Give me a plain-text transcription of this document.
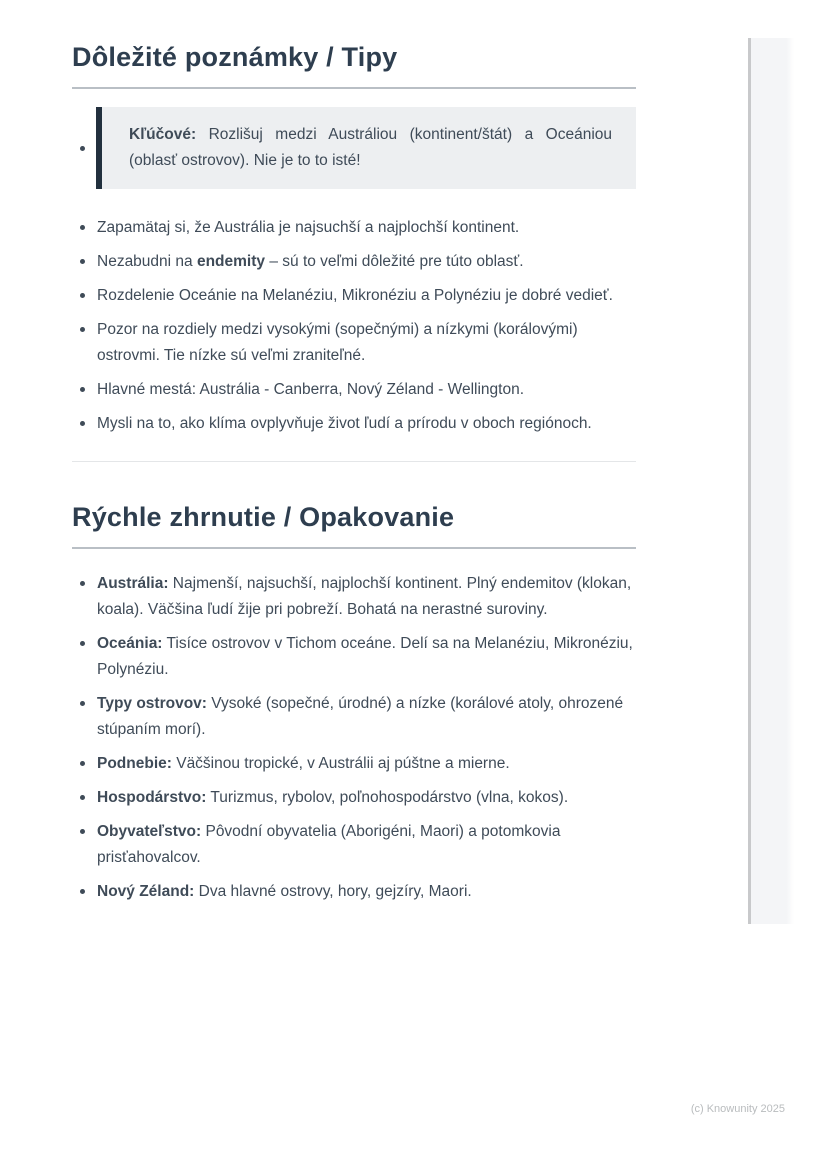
Dôležité poznámky / Tipy
Kľúčové: Rozlišuj medzi Austráliou (kontinent/štát) a Oceániou (oblasť ostrovov). Nie je to to isté!
Zapamätaj si, že Austrália je najsuchší a najplochší kontinent.
Nezabudni na endemity – sú to veľmi dôležité pre túto oblasť.
Rozdelenie Oceánie na Melanéziu, Mikronéziu a Polynéziu je dobré vedieť.
Pozor na rozdiely medzi vysokými (sopečnými) a nízkymi (korálovými) ostrovmi. Tie nízke sú veľmi zraniteľné.
Hlavné mestá: Austrália - Canberra, Nový Zéland - Wellington.
Mysli na to, ako klíma ovplyvňuje život ľudí a prírodu v oboch regiónoch.
Rýchle zhrnutie / Opakovanie
Austrália: Najmenší, najsuchší, najplochší kontinent. Plný endemitov (klokan, koala). Väčšina ľudí žije pri pobreží. Bohatá na nerastné suroviny.
Oceánia: Tisíce ostrovov v Tichom oceáne. Delí sa na Melanéziu, Mikronéziu, Polynéziu.
Typy ostrovov: Vysoké (sopečné, úrodné) a nízke (korálové atoly, ohrozené stúpaním morí).
Podnebie: Väčšinou tropické, v Austrálii aj púštne a mierne.
Hospodárstvo: Turizmus, rybolov, poľnohospodárstvo (vlna, kokos).
Obyvateľstvo: Pôvodní obyvatelia (Aborigéni, Maori) a potomkovia prisťahovalcov.
Nový Zéland: Dva hlavné ostrovy, hory, gejzíry, Maori.
(c) Knowunity 2025
